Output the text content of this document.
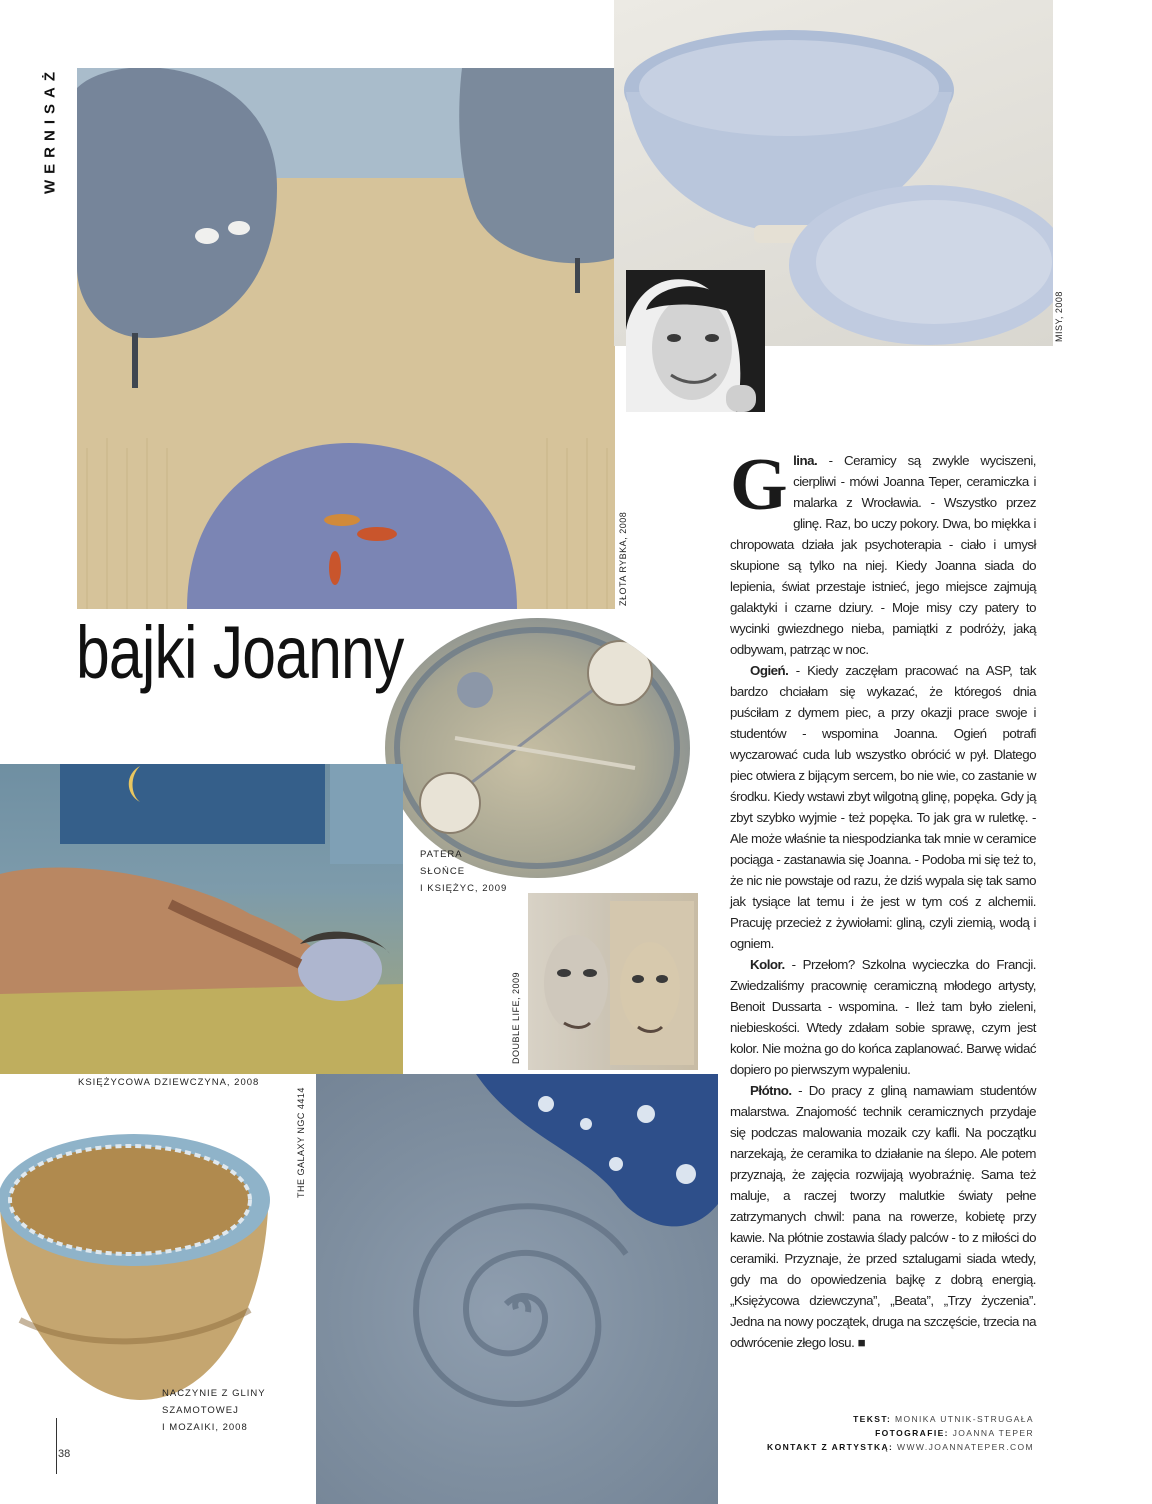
WERNISAŻ
ZŁOTA RYBKA, 2008
MISY, 2008
bajki Joanny
PATERA
SŁOŃCE
I KSIĘŻYC, 2009
KSIĘŻYCOWA DZIEWCZYNA, 2008
DOUBLE LIFE, 2009
NACZYNIE Z GLINY
SZAMOTOWEJ
I MOZAIKI, 2008
THE GALAXY NGC 4414

Glina. - Ceramicy są zwykle wyciszeni, cierpliwi - mówi Joanna Teper, ceramiczka i malarka z Wrocławia. - Wszystko przez glinę. Raz, bo uczy pokory. Dwa, bo miękka i chropowata działa jak psychoterapia - ciało i umysł skupione są tylko na niej. Kiedy Joanna siada do lepienia, świat przestaje istnieć, jego miejsce zajmują galaktyki i czarne dziury. - Moje misy czy patery to wycinki gwiezdnego nieba, pamiątki z podróży, jaką odbywam, patrząc w noc.

Ogień. - Kiedy zaczęłam pracować na ASP, tak bardzo chciałam się wykazać, że któregoś dnia puściłam z dymem piec, a przy okazji prace swoje i studentów - wspomina Joanna. Ogień potrafi wyczarować cuda lub wszystko obrócić w pył. Dlatego piec otwiera z bijącym sercem, bo nie wie, co zastanie w środku. Kiedy wstawi zbyt wilgotną glinę, popęka. Gdy ją zbyt szybko wyjmie - też popęka. To jak gra w ruletkę. - Ale może właśnie ta niespodzianka tak mnie w ceramice pociąga - zastanawia się Joanna. - Podoba mi się też to, że nic nie powstaje od razu, że dziś wypala się tak samo jak tysiące lat temu i że jest w tym coś z alchemii. Pracuję przecież z żywiołami: gliną, czyli ziemią, wodą i ogniem.

Kolor. - Przełom? Szkolna wycieczka do Francji. Zwiedzaliśmy pracownię ceramiczną młodego artysty, Benoit Dussarta - wspomina. - Ileż tam było zieleni, niebieskości. Wtedy zdałam sobie sprawę, czym jest kolor. Nie można go do końca zaplanować. Barwę widać dopiero po pierwszym wypaleniu.

Płótno. - Do pracy z gliną namawiam studentów malarstwa. Znajomość technik ceramicznych przydaje się podczas malowania mozaik czy kafli. Na początku narzekają, że ceramika to działanie na ślepo. Ale potem przyznają, że zajęcia rozwijają wyobraźnię. Sama też maluje, a raczej tworzy malutkie światy pełne zatrzymanych chwil: pana na rowerze, kobietę przy kawie. Na płótnie zostawia ślady palców - to z miłości do ceramiki. Przyznaje, że przed sztalugami siada wtedy, gdy ma do opowiedzenia bajkę z dobrą energią. „Księżycowa dziewczyna”, „Beata”, „Trzy życzenia”. Jedna na nowy początek, druga na szczęście, trzecia na odwrócenie złego losu. ■

TEKST: MONIKA UTNIK-STRUGAŁA
FOTOGRAFIE: JOANNA TEPER
KONTAKT Z ARTYSTKĄ: WWW.JOANNATEPER.COM
38
